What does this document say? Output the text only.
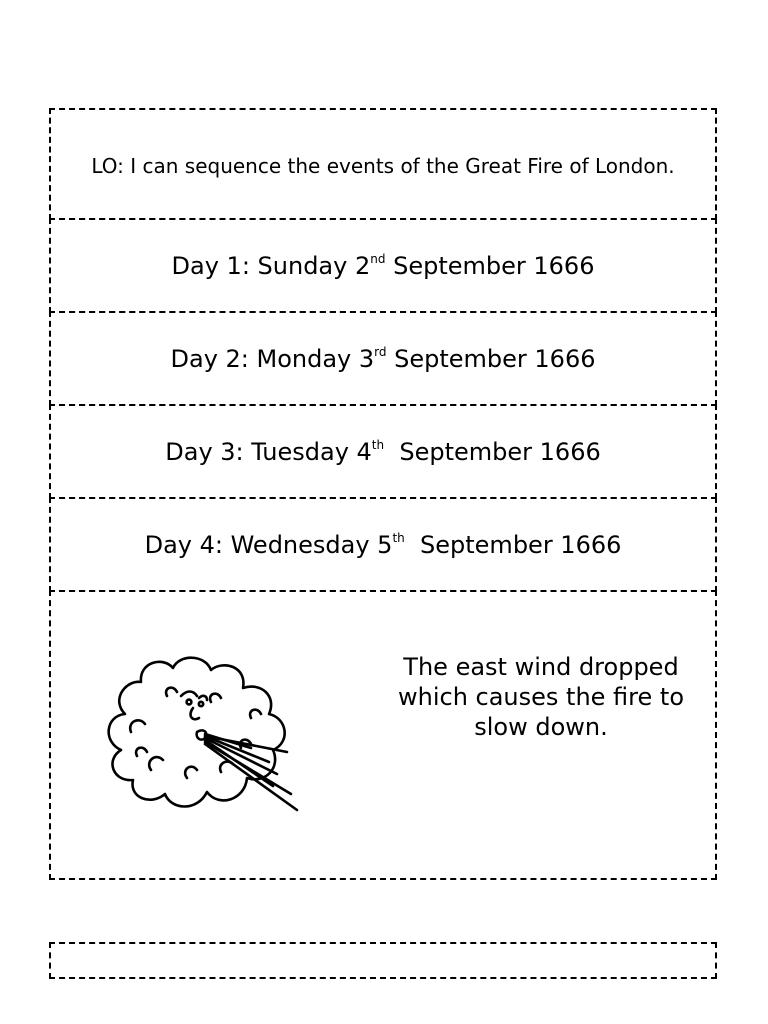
LO: I can sequence the events of the Great Fire of London.
Day 1: Sunday 2nd September 1666
Day 2: Monday 3rd September 1666
Day 3: Tuesday 4th  September 1666
Day 4: Wednesday 5th  September 1666
The east wind dropped which causes the fire to slow down.
